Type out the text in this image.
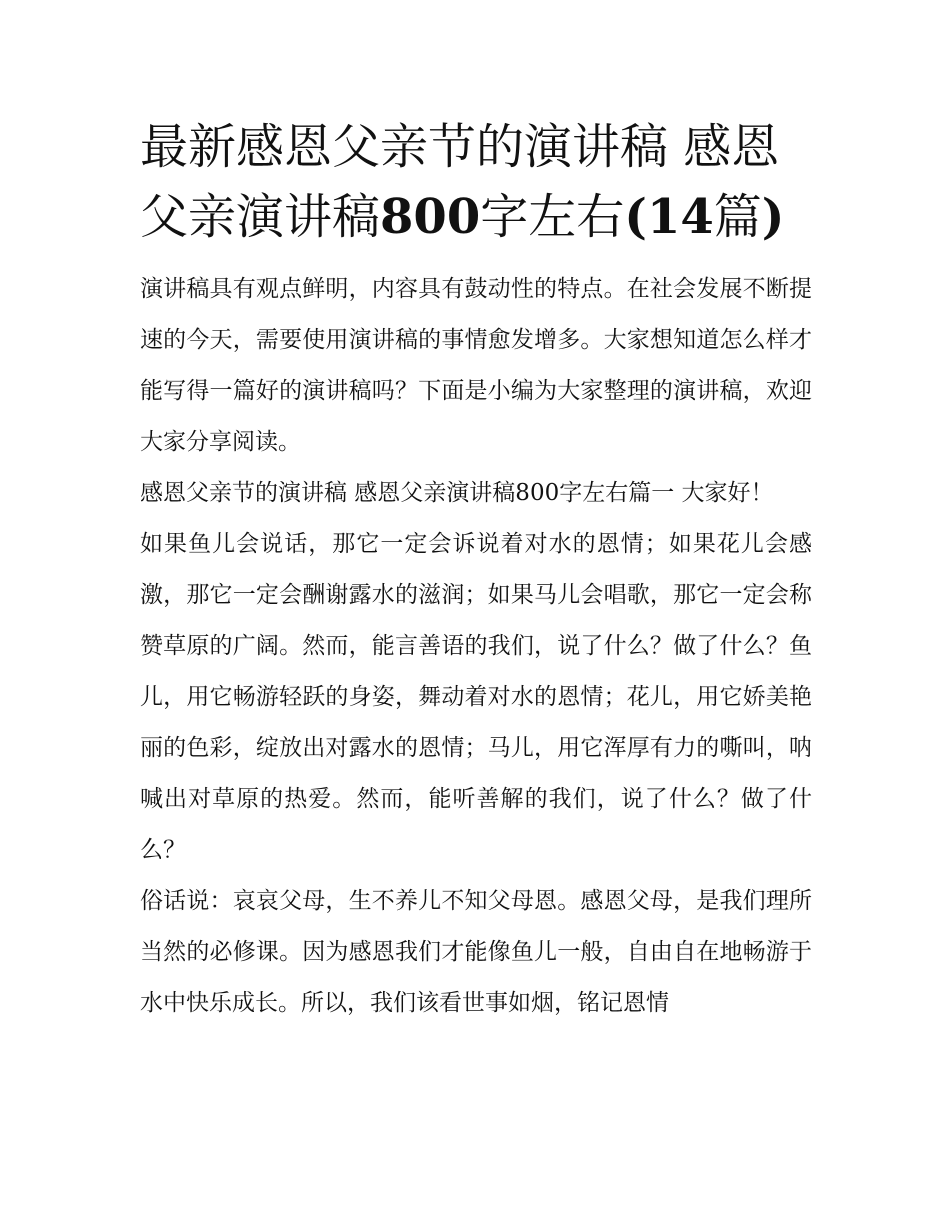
最新感恩父亲节的演讲稿 感恩父亲演讲稿800字左右(14篇)

演讲稿具有观点鲜明，内容具有鼓动性的特点。在社会发展不断提速的今天，需要使用演讲稿的事情愈发增多。大家想知道怎么样才能写得一篇好的演讲稿吗？下面是小编为大家整理的演讲稿，欢迎大家分享阅读。

感恩父亲节的演讲稿 感恩父亲演讲稿800字左右篇一 大家好！

如果鱼儿会说话，那它一定会诉说着对水的恩情；如果花儿会感激，那它一定会酬谢露水的滋润；如果马儿会唱歌，那它一定会称赞草原的广阔。然而，能言善语的我们，说了什么？做了什么？鱼儿，用它畅游轻跃的身姿，舞动着对水的恩情；花儿，用它娇美艳丽的色彩，绽放出对露水的恩情；马儿，用它浑厚有力的嘶叫，呐喊出对草原的热爱。然而，能听善解的我们，说了什么？做了什么？

俗话说：哀哀父母，生不养儿不知父母恩。感恩父母，是我们理所当然的必修课。因为感恩我们才能像鱼儿一般，自由自在地畅游于水中快乐成长。所以，我们该看世事如烟，铭记恩情
